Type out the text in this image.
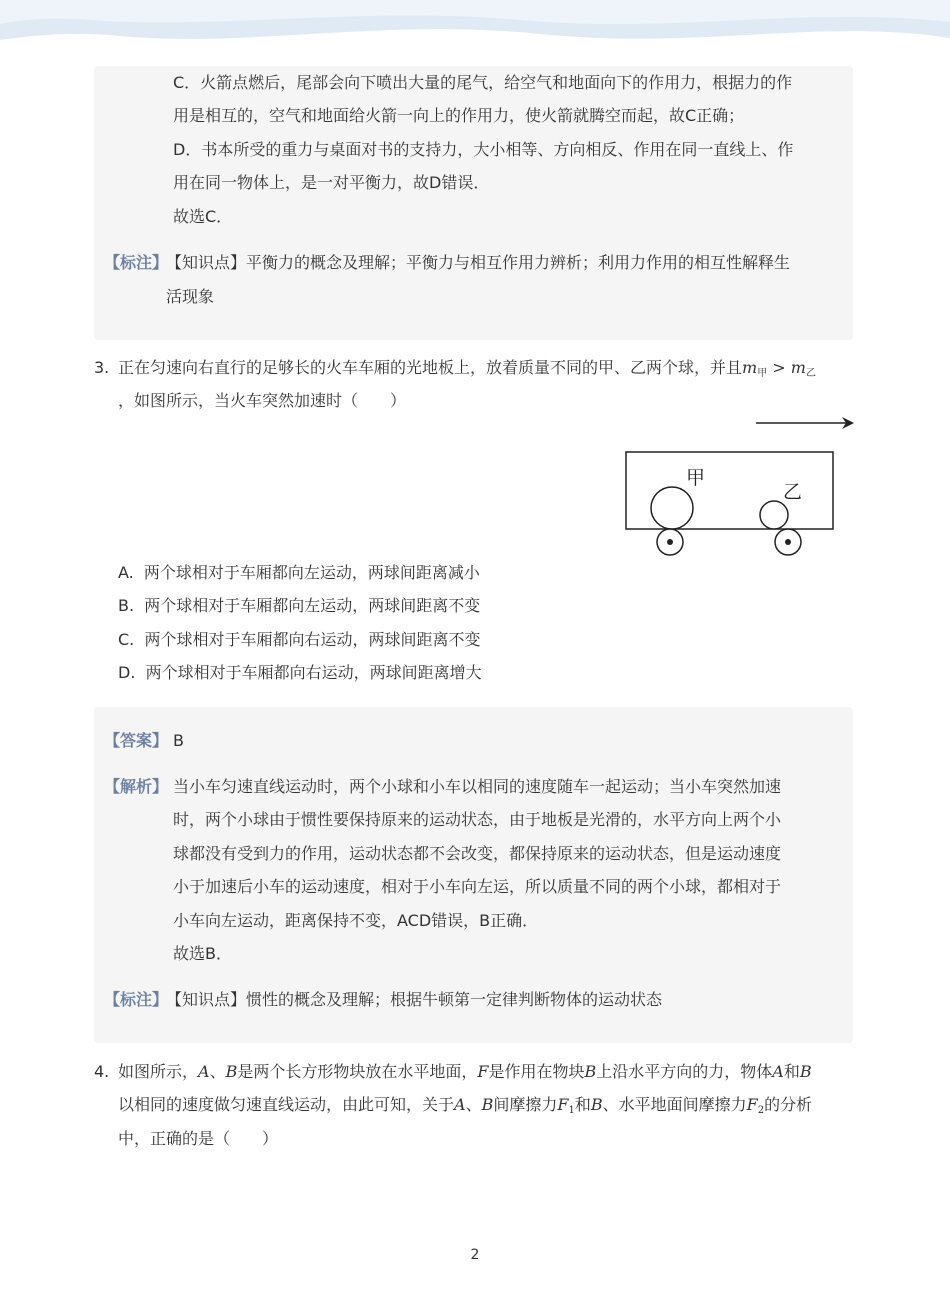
C．火箭点燃后，尾部会向下喷出大量的尾气，给空气和地面向下的作用力，根据力的作
用是相互的，空气和地面给火箭一向上的作用力，使火箭就腾空而起，故C正确；
D．书本所受的重力与桌面对书的支持力，大小相等、方向相反、作用在同一直线上、作
用在同一物体上，是一对平衡力，故D错误．
故选C．
【标注】
【知识点】平衡力的概念及理解；平衡力与相互作用力辨析；利用力作用的相互性解释生
活现象
3. 正在匀速向右直行的足够长的火车车厢的光地板上，放着质量不同的甲、乙两个球，并且$m_甲 > m_乙$
，如图所示，当火车突然加速时（　　）
甲
乙
A. 两个球相对于车厢都向左运动，两球间距离减小
B. 两个球相对于车厢都向左运动，两球间距离不变
C. 两个球相对于车厢都向右运动，两球间距离不变
D. 两个球相对于车厢都向右运动，两球间距离增大
【答案】 B
【解析】 当小车匀速直线运动时，两个小球和小车以相同的速度随车一起运动；当小车突然加速
时，两个小球由于惯性要保持原来的运动状态，由于地板是光滑的，水平方向上两个小
球都没有受到力的作用，运动状态都不会改变，都保持原来的运动状态，但是运动速度
小于加速后小车的运动速度，相对于小车向左运，所以质量不同的两个小球，都相对于
小车向左运动，距离保持不变，ACD错误，B正确．
故选B．
【标注】
【知识点】惯性的概念及理解；根据牛顿第一定律判断物体的运动状态
4. 如图所示，A、B是两个长方形物块放在水平地面，F是作用在物块B上沿水平方向的力，物体A和B
以相同的速度做匀速直线运动，由此可知，关于A、B间摩擦力$F_1$和B、水平地面间摩擦力$F_2$的分析
中，正确的是（　　）
2
